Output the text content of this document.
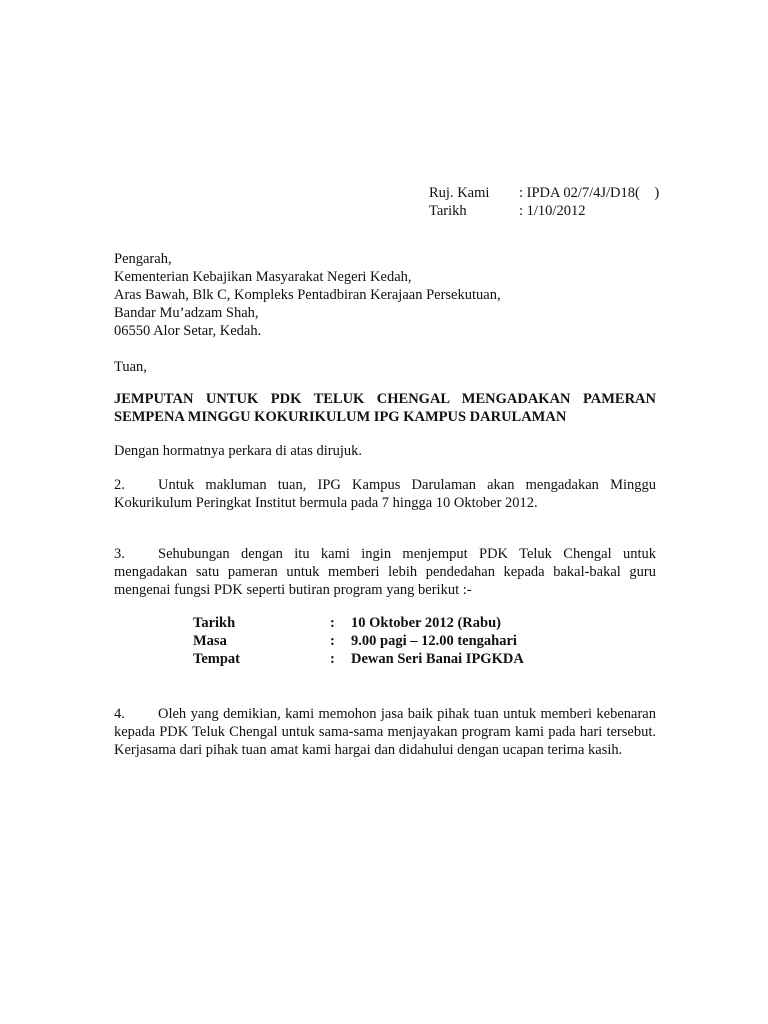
Ruj. Kami	: IPDA 02/7/4J/D18(    )
Tarikh	: 1/10/2012
Pengarah,
Kementerian Kebajikan Masyarakat Negeri Kedah,
Aras Bawah, Blk C, Kompleks Pentadbiran Kerajaan Persekutuan,
Bandar Mu’adzam Shah,
06550 Alor Setar, Kedah.
Tuan,
JEMPUTAN UNTUK PDK TELUK CHENGAL MENGADAKAN PAMERAN
SEMPENA MINGGU KOKURIKULUM IPG KAMPUS DARULAMAN
Dengan hormatnya perkara di atas dirujuk.
2. Untuk makluman tuan, IPG Kampus Darulaman akan mengadakan Minggu Kokurikulum Peringkat Institut bermula pada 7 hingga 10 Oktober 2012.
3. Sehubungan dengan itu kami ingin menjemput PDK Teluk Chengal untuk mengadakan satu pameran untuk memberi lebih pendedahan kepada bakal-bakal guru mengenai fungsi PDK seperti butiran program yang berikut :-
Tarikh	:	10 Oktober 2012 (Rabu)
Masa	:	9.00 pagi – 12.00 tengahari
Tempat	:	Dewan Seri Banai IPGKDA
4. Oleh yang demikian, kami memohon jasa baik pihak tuan untuk memberi kebenaran kepada PDK Teluk Chengal untuk sama-sama menjayakan program kami pada hari tersebut. Kerjasama dari pihak tuan amat kami hargai dan didahului dengan ucapan terima kasih.
